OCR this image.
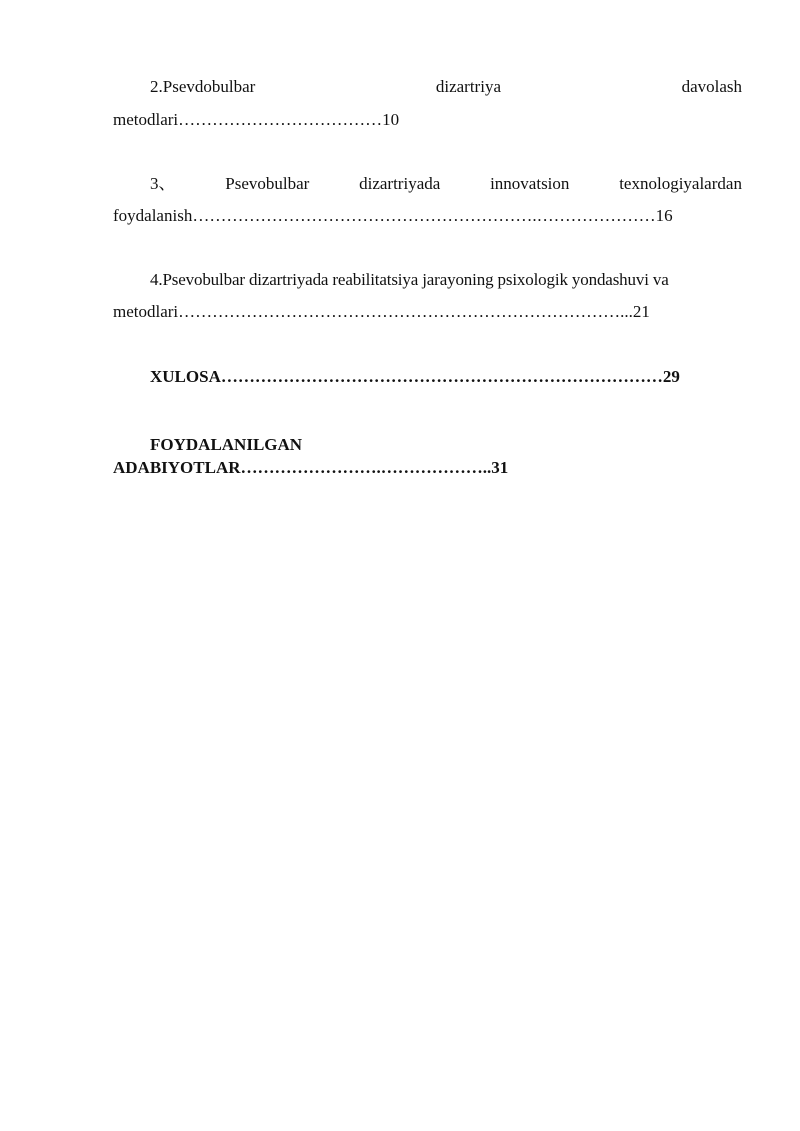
2.Psevdobulbar	dizartriya	davolash
metodlari………………………………10
3、	Psevobulbar	dizartriyada	innovatsion	texnologiyalardan
foydalanish…………………………………………………….…………………16
4.Psevobulbar dizartriyada reabilitatsiya jarayoning psixologik yondashuvi va
metodlari……………………………………………………………………...21
XULOSA……………………………………………………………………29
FOYDALANILGAN
ADABIYOTLAR…………………….………………..31
